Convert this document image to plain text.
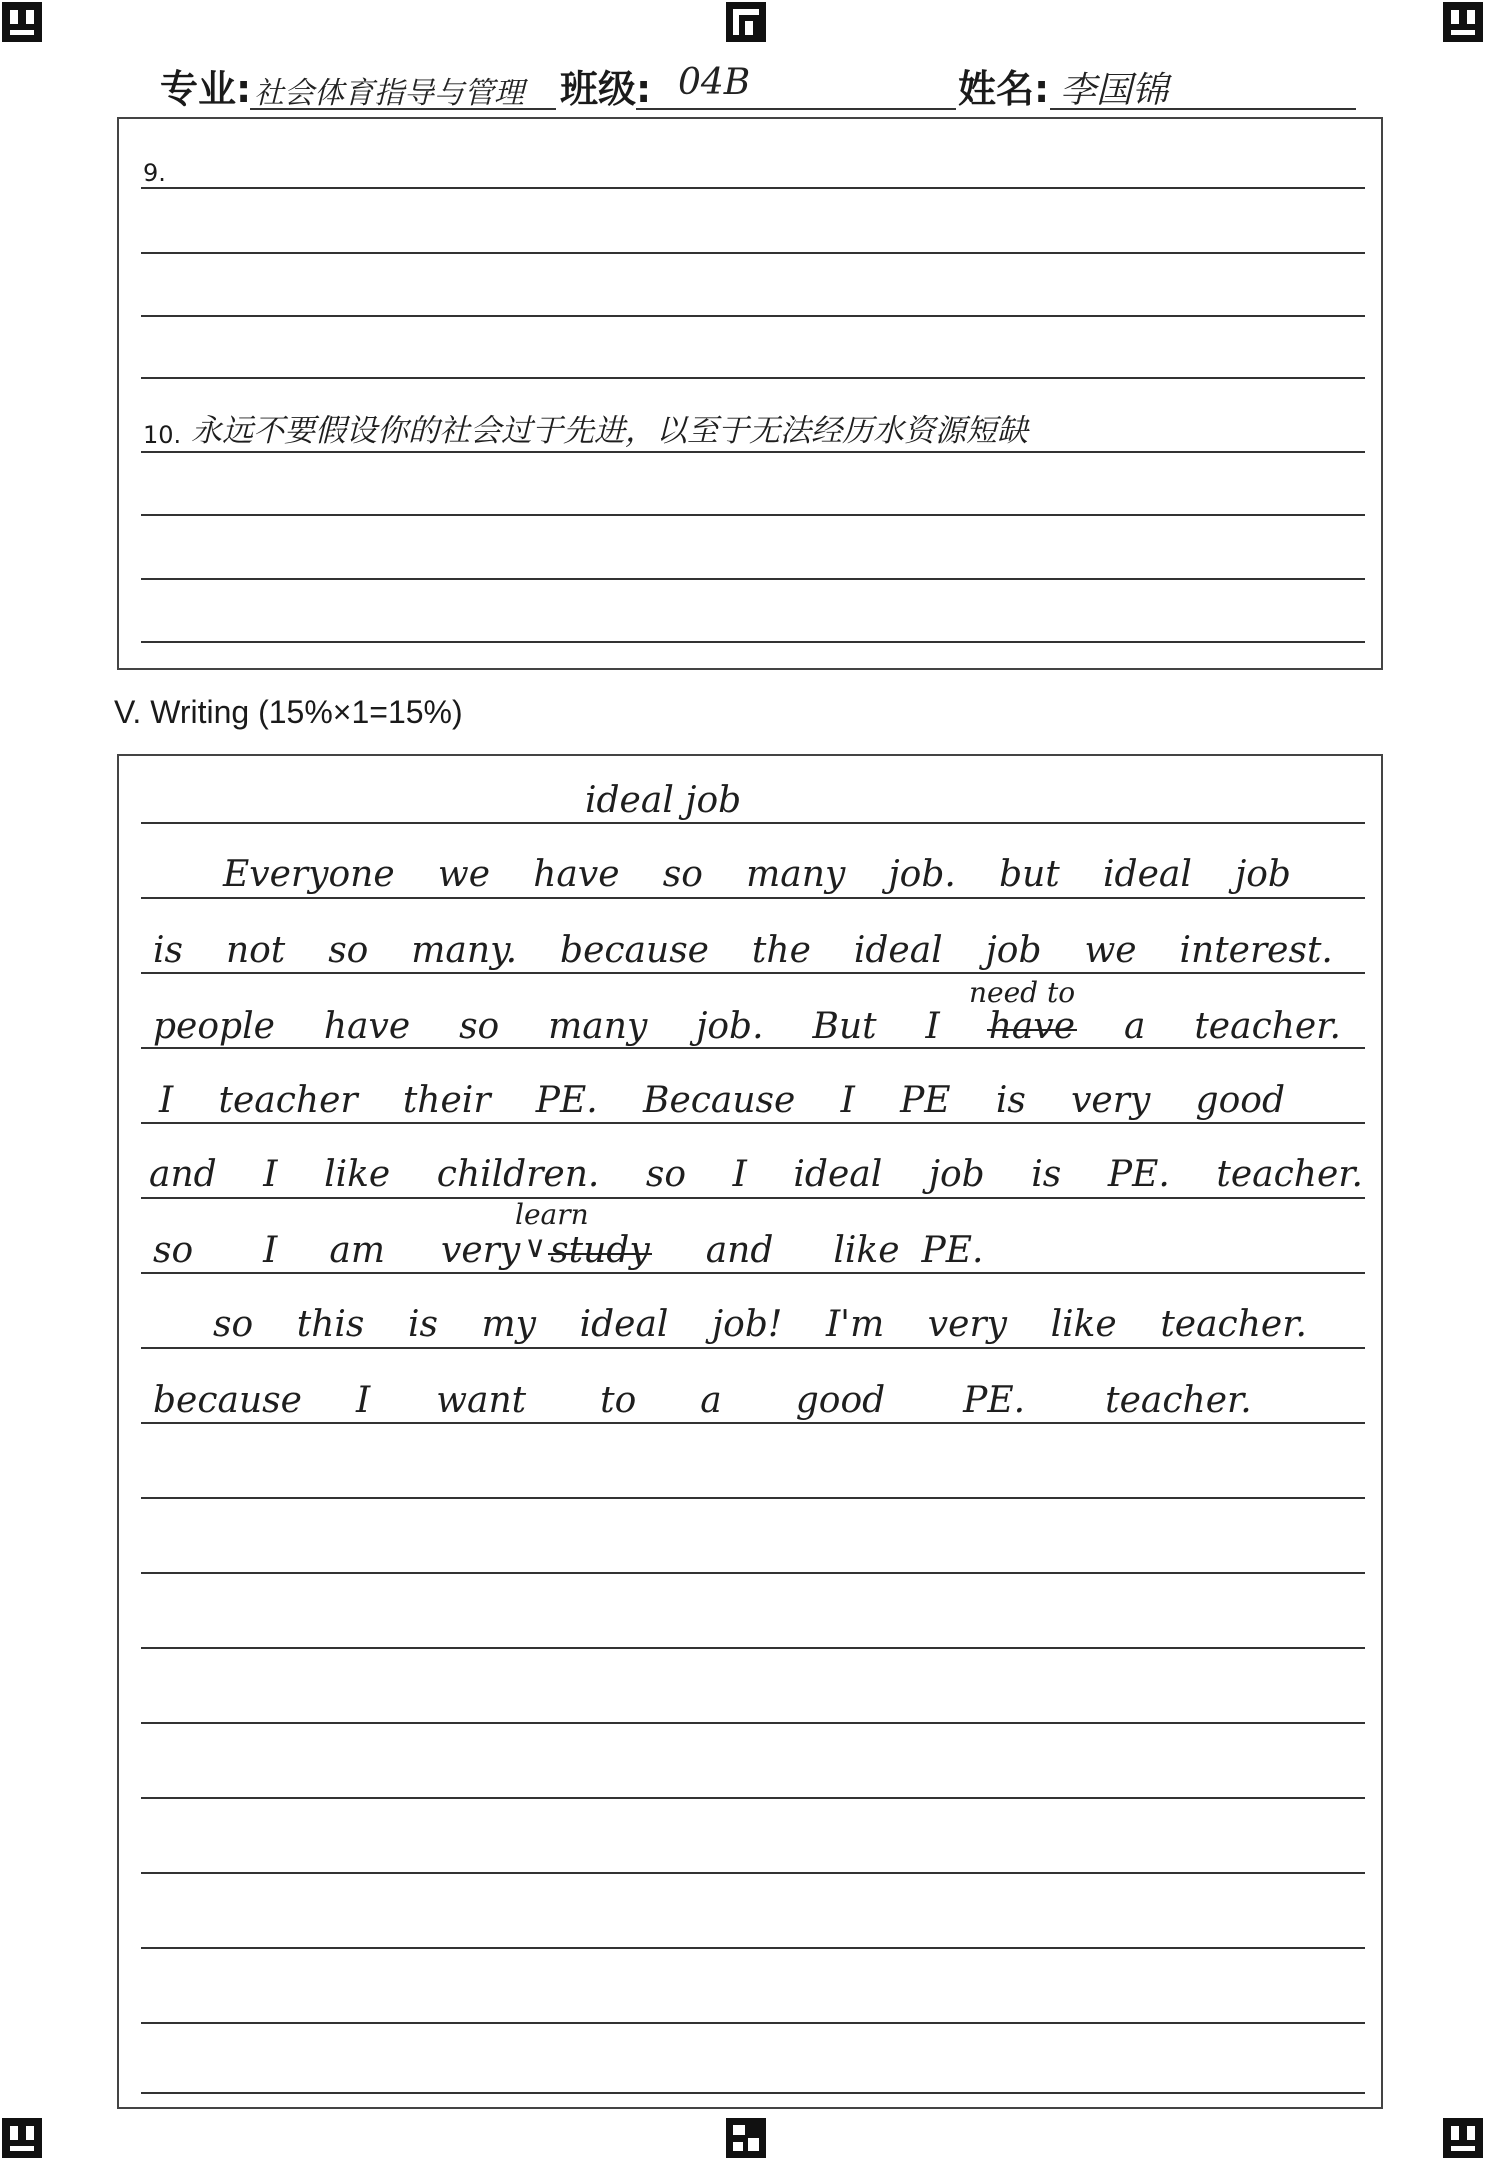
专业: 社会体育指导与管理 班级: 04B	姓名: 李国锦
9.
10. 永远不要假设你的社会过于先进，以至于无法经历水资源短缺
V. Writing (15%×1=15%)
ideal job
Everyone we have so many job. but ideal job
is not so many. because the ideal job we interest.
need to
people have so many job. But I have a teacher.
I teacher their PE. Because I PE is very good
and I like children. so I ideal job is PE. teacher.
learn
so I am very ∨ study and like PE.
so this is my ideal job! I'm very like teacher.
because I want to a good PE. teacher.
